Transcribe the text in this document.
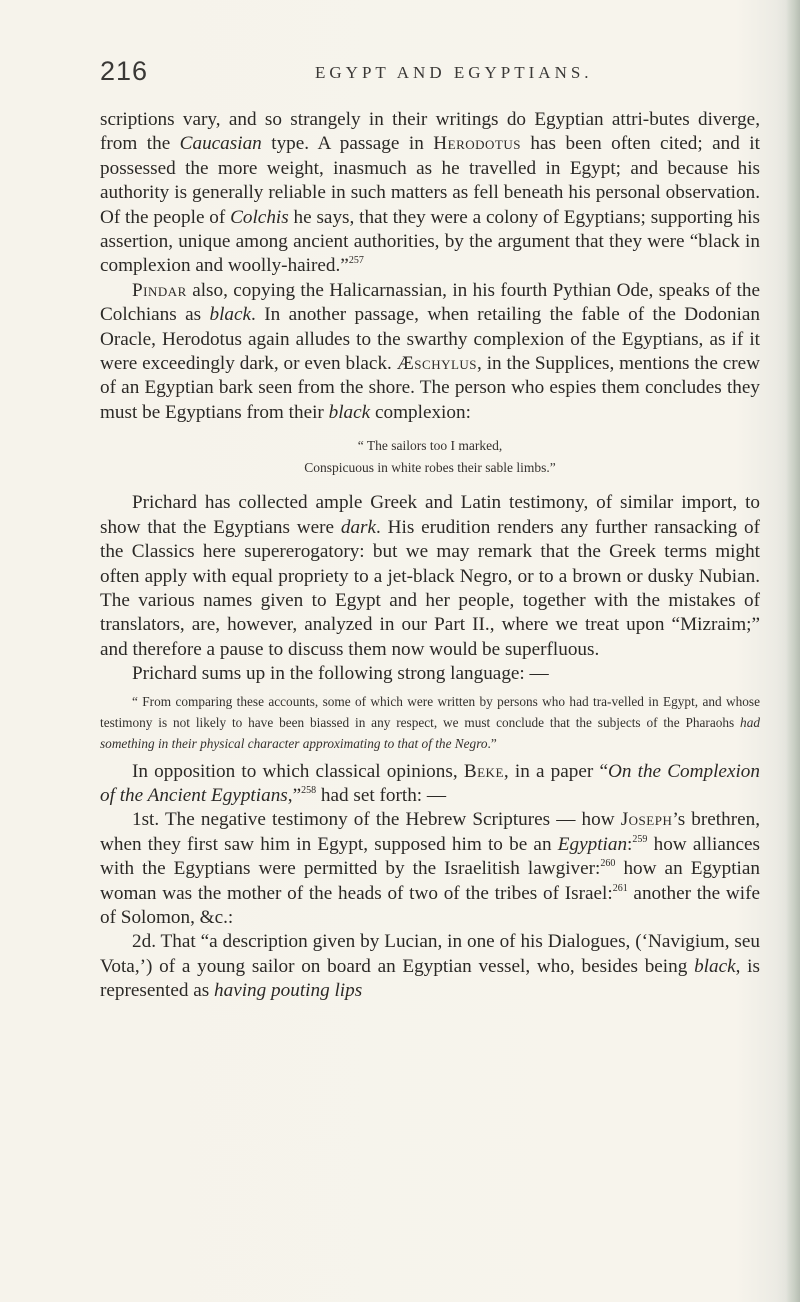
216	EGYPT AND EGYPTIANS.

scriptions vary, and so strangely in their writings do Egyptian attri-butes diverge, from the Caucasian type. A passage in Herodotus has been often cited; and it possessed the more weight, inasmuch as he travelled in Egypt; and because his authority is generally reliable in such matters as fell beneath his personal observation. Of the people of Colchis he says, that they were a colony of Egyptians; supporting his assertion, unique among ancient authorities, by the argument that they were “black in complexion and woolly-haired.”$^{257}$

Pindar also, copying the Halicarnassian, in his fourth Pythian Ode, speaks of the Colchians as black. In another passage, when retailing the fable of the Dodonian Oracle, Herodotus again alludes to the swarthy complexion of the Egyptians, as if it were exceedingly dark, or even black. Æschylus, in the Supplices, mentions the crew of an Egyptian bark seen from the shore. The person who espies them concludes they must be Egyptians from their black complexion:

“ The sailors too I marked,
Conspicuous in white robes their sable limbs.”

Prichard has collected ample Greek and Latin testimony, of similar import, to show that the Egyptians were dark. His erudition renders any further ransacking of the Classics here supererogatory: but we may remark that the Greek terms might often apply with equal propriety to a jet-black Negro, or to a brown or dusky Nubian. The various names given to Egypt and her people, together with the mistakes of translators, are, however, analyzed in our Part II., where we treat upon “Mizraim;” and therefore a pause to discuss them now would be superfluous.

Prichard sums up in the following strong language: —

“ From comparing these accounts, some of which were written by persons who had tra-velled in Egypt, and whose testimony is not likely to have been biassed in any respect, we must conclude that the subjects of the Pharaohs had something in their physical character approximating to that of the Negro.”

In opposition to which classical opinions, Beke, in a paper “On the Complexion of the Ancient Egyptians,”$^{258}$ had set forth: —

1st. The negative testimony of the Hebrew Scriptures — how Joseph’s brethren, when they first saw him in Egypt, supposed him to be an Egyptian:$^{259}$ how alliances with the Egyptians were permitted by the Israelitish lawgiver:$^{260}$ how an Egyptian woman was the mother of the heads of two of the tribes of Israel:$^{261}$ another the wife of Solomon, &c.:

2d. That “a description given by Lucian, in one of his Dialogues, (‘Navigium, seu Vota,’) of a young sailor on board an Egyptian vessel, who, besides being black, is represented as having pouting lips
